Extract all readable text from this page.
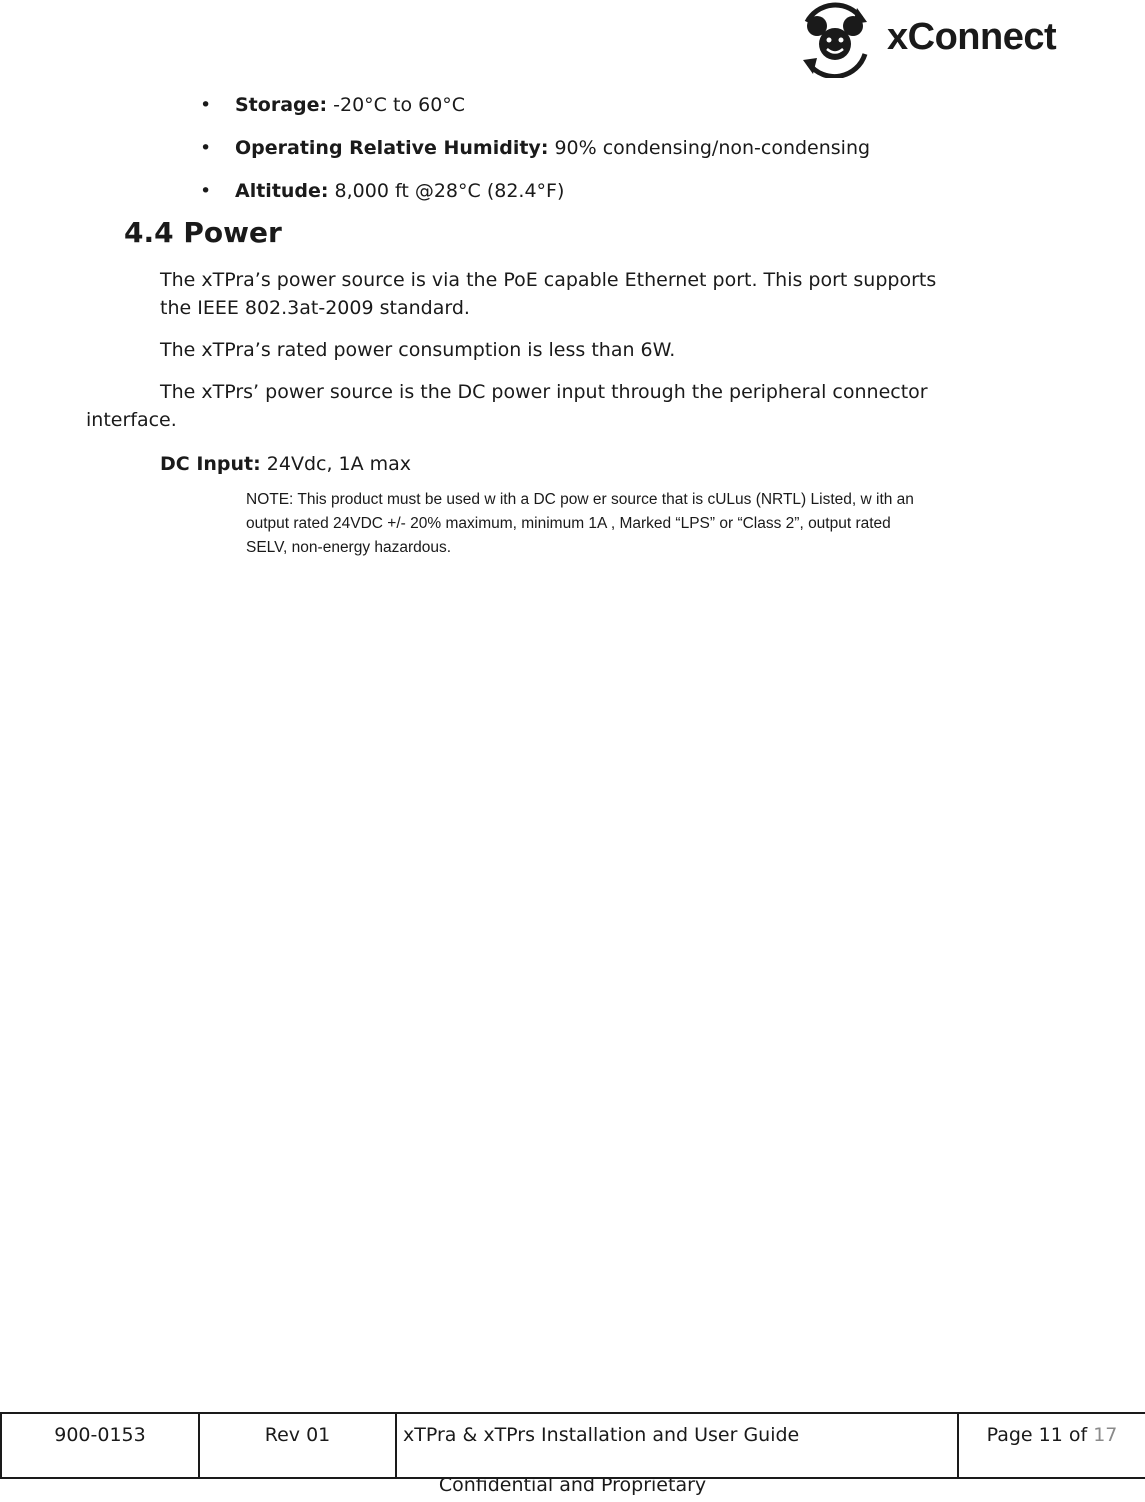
xConnect
• Storage: -20°C to 60°C
• Operating Relative Humidity: 90% condensing/non-condensing
• Altitude: 8,000 ft @28°C (82.4°F)
4.4 Power

The xTPra’s power source is via the PoE capable Ethernet port. This port supports
the IEEE 802.3at-2009 standard.

The xTPra’s rated power consumption is less than 6W.

The xTPrs’ power source is the DC power input through the peripheral connector

interface.

DC Input: 24Vdc, 1A max

NOTE: This product must be used w ith a DC pow er source that is cULus (NRTL) Listed, w ith an
output rated 24VDC +/- 20% maximum, minimum 1A , Marked “LPS” or “Class 2”, output rated
SELV, non-energy hazardous.

900-0153	Rev 01	xTPra & xTPrs Installation and User Guide	Page 11 of 17

Confidential and Proprietary
